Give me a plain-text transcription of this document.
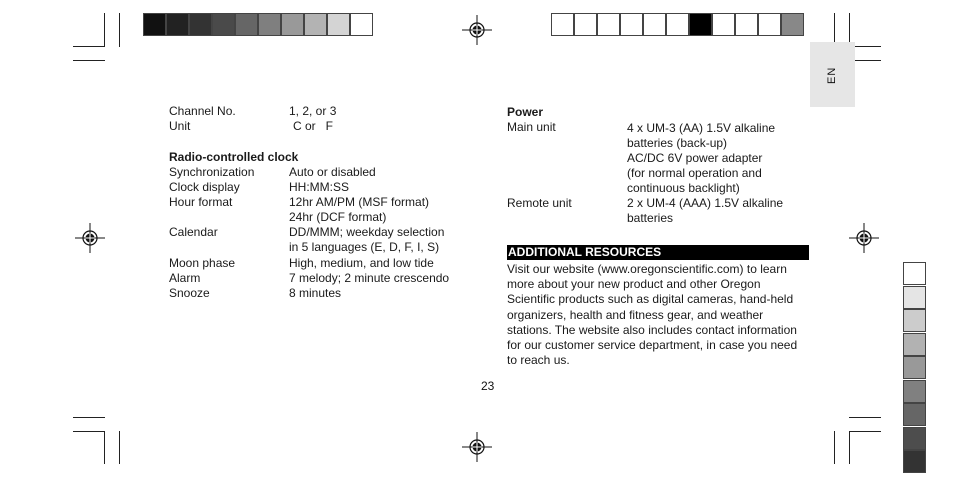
EN
Channel No.	1, 2, or 3
Unit	C or   F
Radio-controlled clock
Synchronization	Auto or disabled
Clock display	HH:MM:SS
Hour format	12hr AM/PM (MSF format)
24hr (DCF format)
Calendar	DD/MMM; weekday selection
in 5 languages (E, D, F, I, S)
Moon phase	High, medium, and low tide
Alarm	7 melody; 2 minute crescendo
Snooze	8 minutes
Power
Main unit	4 x UM-3 (AA) 1.5V alkaline
batteries (back-up)
AC/DC 6V power adapter
(for normal operation and
continuous backlight)
Remote unit	2 x UM-4 (AAA) 1.5V alkaline
batteries
ADDITIONAL RESOURCES
Visit our website (www.oregonscientific.com) to learn more about your new product and other Oregon Scientific products such as digital cameras, hand-held organizers, health and fitness gear, and weather stations. The website also includes contact information for our customer service department, in case you need to reach us.
23
